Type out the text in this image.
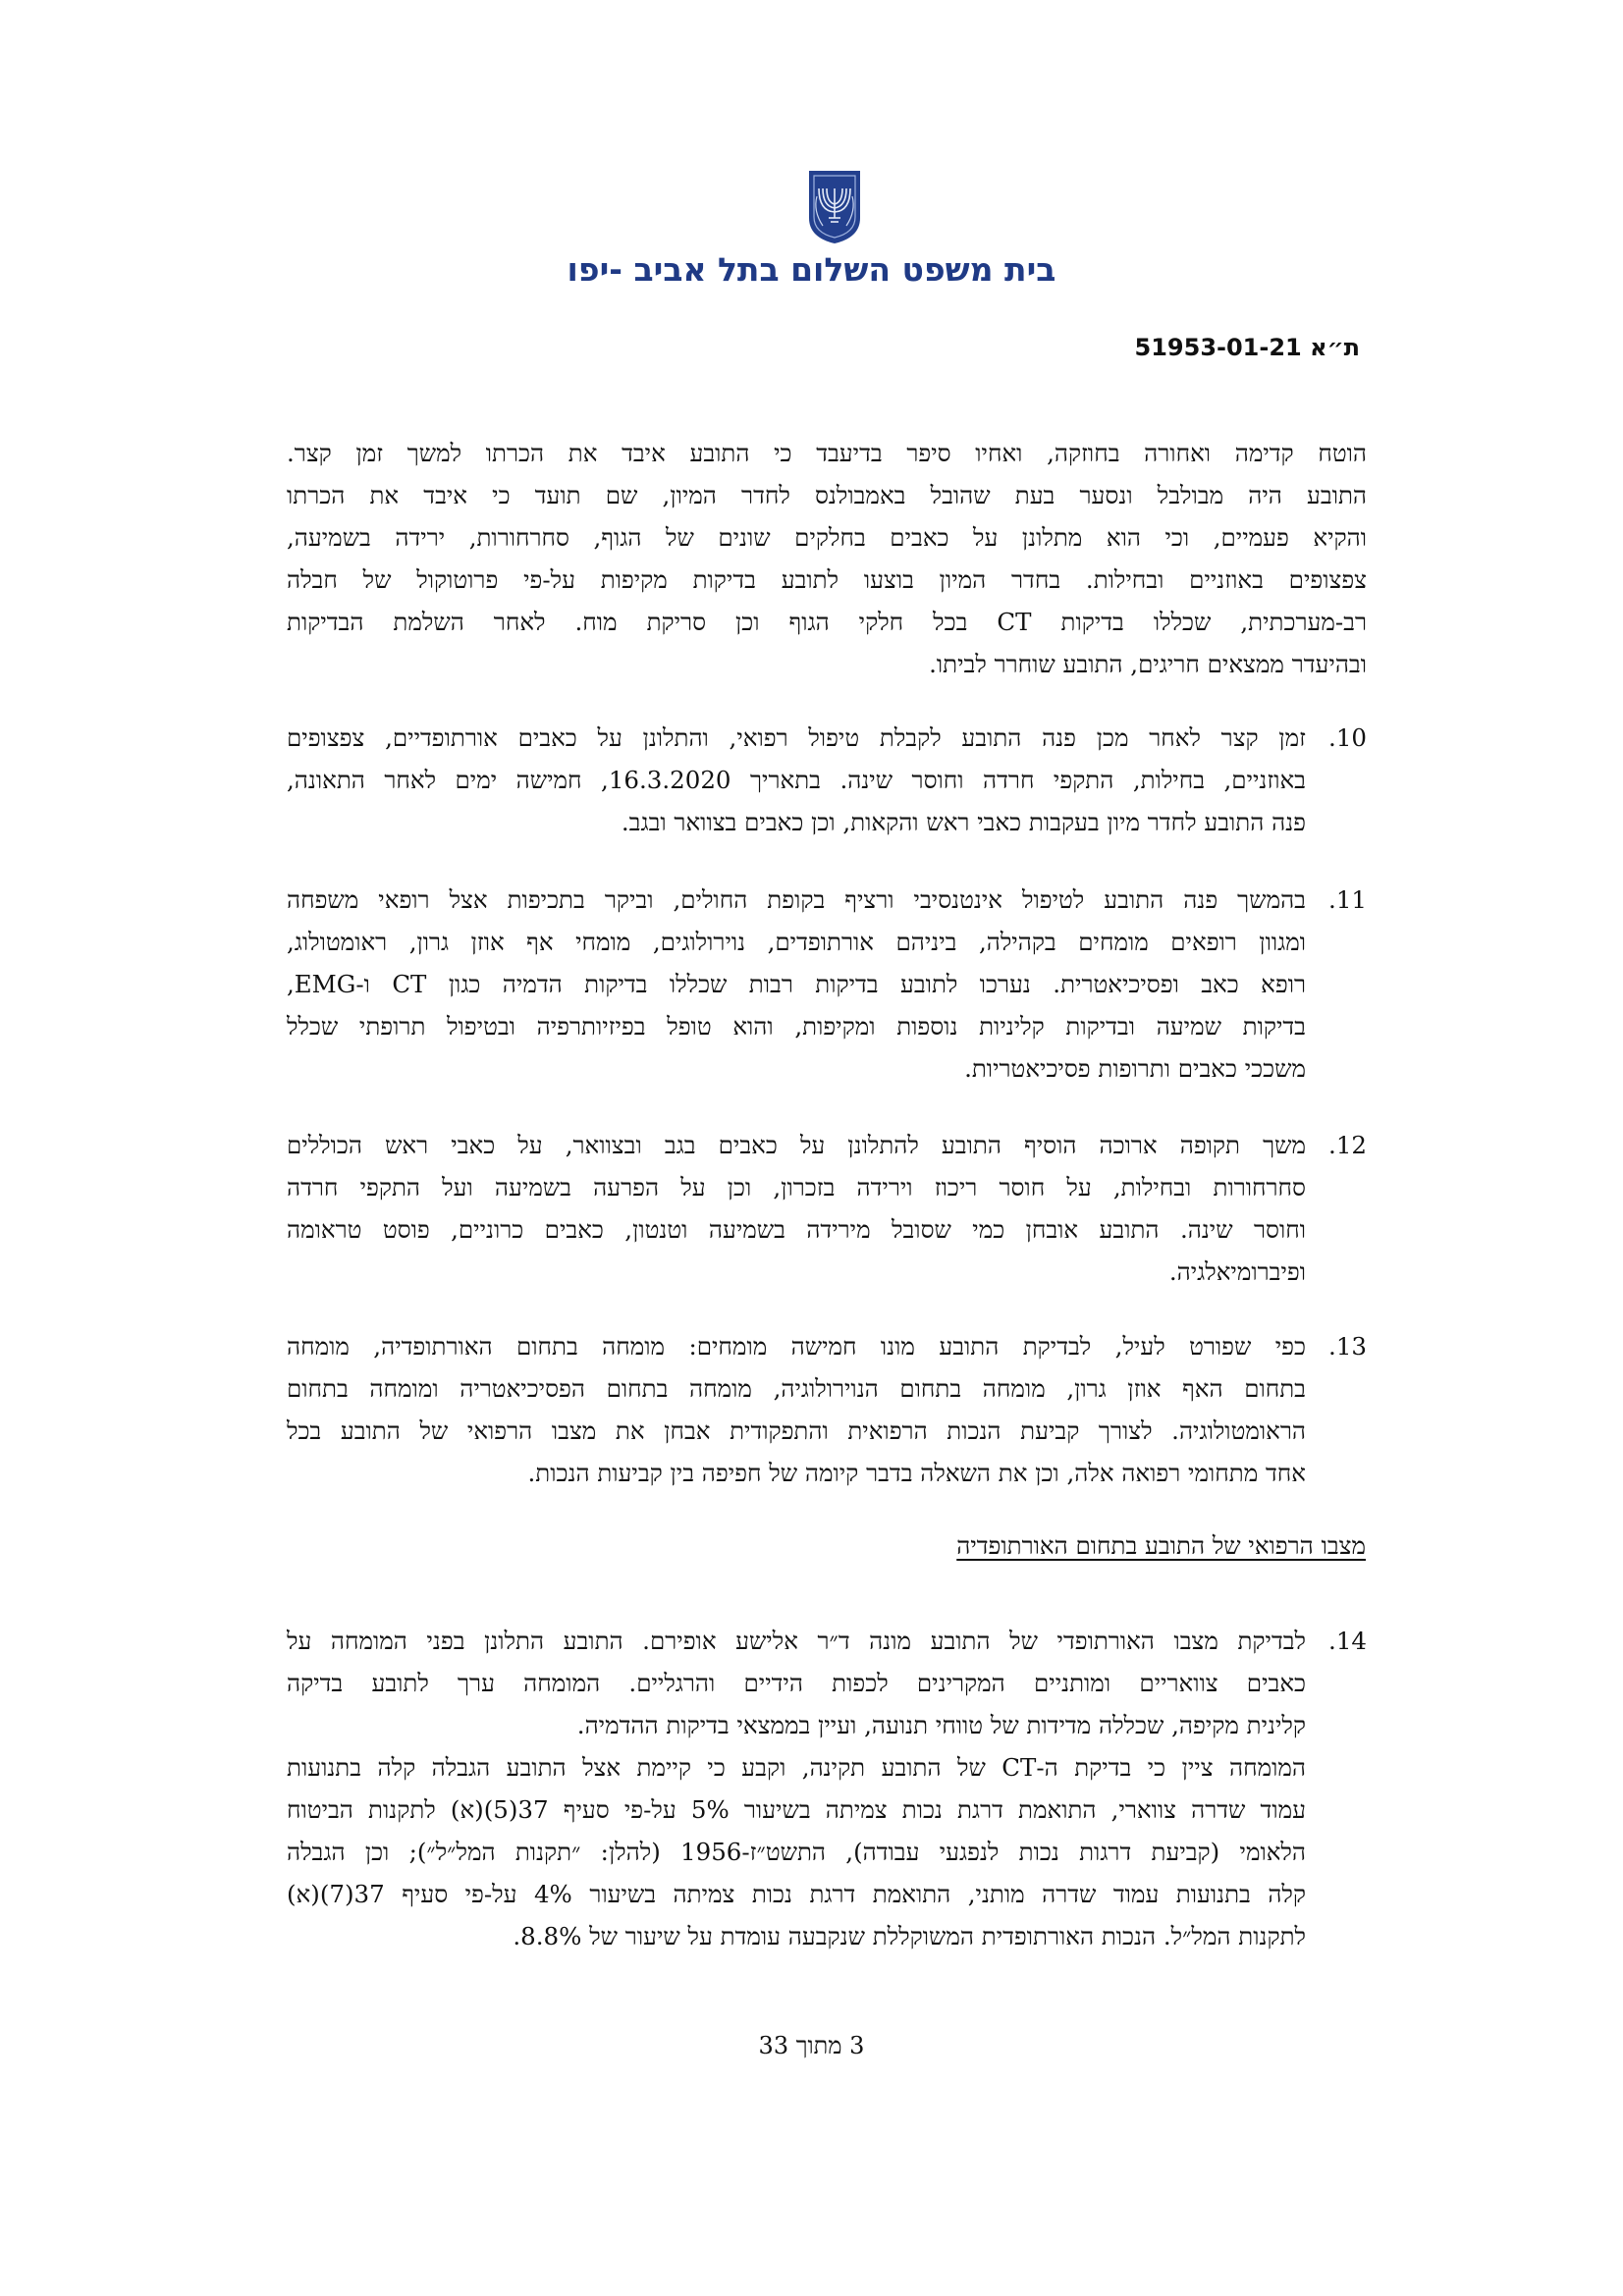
בית משפט השלום בתל אביב -יפו
ת״א 51953-01-21
הוטח קדימה ואחורה בחוזקה, ואחיו סיפר בדיעבד כי התובע איבד את הכרתו למשך זמן קצר.
התובע היה מבולבל ונסער בעת שהובל באמבולנס לחדר המיון, שם תועד כי איבד את הכרתו
והקיא פעמיים, וכי הוא מתלונן על כאבים בחלקים שונים של הגוף, סחרחורות, ירידה בשמיעה,
צפצופים באוזניים ובחילות. בחדר המיון בוצעו לתובע בדיקות מקיפות על-פי פרוטוקול של חבלה
רב-מערכתית, שכללו בדיקות CT בכל חלקי הגוף וכן סריקת מוח. לאחר השלמת הבדיקות
ובהיעדר ממצאים חריגים, התובע שוחרר לביתו.
10.
זמן קצר לאחר מכן פנה התובע לקבלת טיפול רפואי, והתלונן על כאבים אורתופדיים, צפצופים
באוזניים, בחילות, התקפי חרדה וחוסר שינה. בתאריך 16.3.2020, חמישה ימים לאחר התאונה,
פנה התובע לחדר מיון בעקבות כאבי ראש והקאות, וכן כאבים בצוואר ובגב.
11.
בהמשך פנה התובע לטיפול אינטנסיבי ורציף בקופת החולים, וביקר בתכיפות אצל רופאי משפחה
ומגוון רופאים מומחים בקהילה, ביניהם אורתופדים, נוירולוגים, מומחי אף אוזן גרון, ראומטולוג,
רופא כאב ופסיכיאטרית. נערכו לתובע בדיקות רבות שכללו בדיקות הדמיה כגון CT ו-EMG,
בדיקות שמיעה ובדיקות קליניות נוספות ומקיפות, והוא טופל בפיזיותרפיה ובטיפול תרופתי שכלל
משככי כאבים ותרופות פסיכיאטריות.
12.
משך תקופה ארוכה הוסיף התובע להתלונן על כאבים בגב ובצוואר, על כאבי ראש הכוללים
סחרחורות ובחילות, על חוסר ריכוז וירידה בזכרון, וכן על הפרעה בשמיעה ועל התקפי חרדה
וחוסר שינה. התובע אובחן כמי שסובל מירידה בשמיעה וטנטון, כאבים כרוניים, פוסט טראומה
ופיברומיאלגיה.
13.
כפי שפורט לעיל, לבדיקת התובע מונו חמישה מומחים: מומחה בתחום האורתופדיה, מומחה
בתחום האף אוזן גרון, מומחה בתחום הנוירולוגיה, מומחה בתחום הפסיכיאטריה ומומחה בתחום
הראומטולוגיה. לצורך קביעת הנכות הרפואית והתפקודית אבחן את מצבו הרפואי של התובע בכל
אחד מתחומי רפואה אלה, וכן את השאלה בדבר קיומה של חפיפה בין קביעות הנכות.
מצבו הרפואי של התובע בתחום האורתופדיה
14.
לבדיקת מצבו האורתופדי של התובע מונה ד״ר אלישע אופירם. התובע התלונן בפני המומחה על
כאבים צוואריים ומותניים המקרינים לכפות הידיים והרגליים. המומחה ערך לתובע בדיקה
קלינית מקיפה, שכללה מדידות של טווחי תנועה, ועיין בממצאי בדיקות ההדמיה.
המומחה ציין כי בדיקת ה-CT של התובע תקינה, וקבע כי קיימת אצל התובע הגבלה קלה בתנועות
עמוד שדרה צווארי, התואמת דרגת נכות צמיתה בשיעור 5% על-פי סעיף 37(5)(א) לתקנות הביטוח
הלאומי (קביעת דרגות נכות לנפגעי עבודה), התשט״ז-1956 (להלן: ״תקנות המל״ל״); וכן הגבלה
קלה בתנועות עמוד שדרה מותני, התואמת דרגת נכות צמיתה בשיעור 4% על-פי סעיף 37(7)(א)
לתקנות המל״ל. הנכות האורתופדית המשוקללת שנקבעה עומדת על שיעור של 8.8%.
3 מתוך 33
